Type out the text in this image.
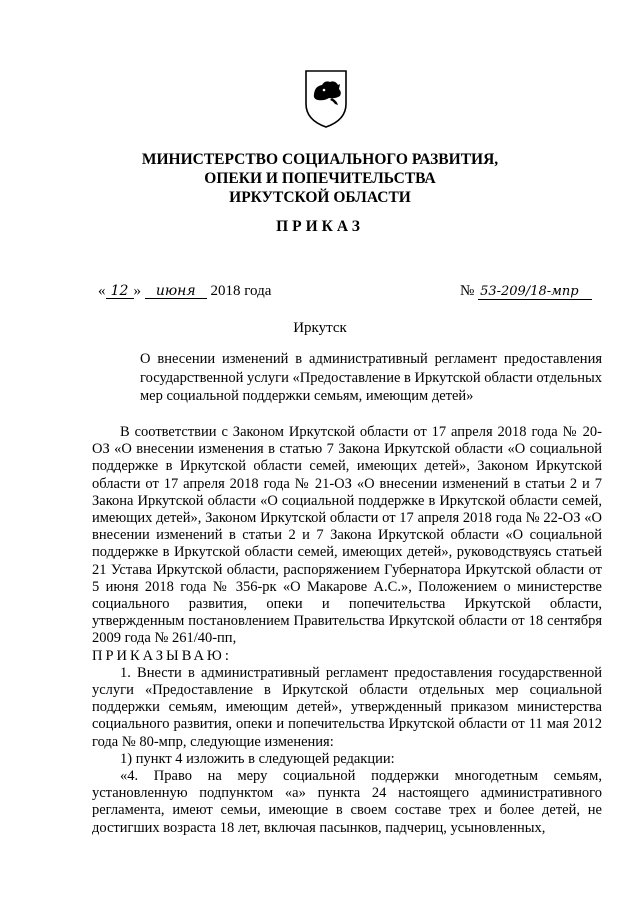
МИНИСТЕРСТВО СОЦИАЛЬНОГО РАЗВИТИЯ,
ОПЕКИ И ПОПЕЧИТЕЛЬСТВА
ИРКУТСКОЙ ОБЛАСТИ
ПРИКАЗ
« 12 » июня 2018 года	№ 53-209/18-мпр
Иркутск
О внесении изменений в административный регламент предоставления государственной услуги «Предоставление в Иркутской области отдельных мер социальной поддержки семьям, имеющим детей»

В соответствии с Законом Иркутской области от 17 апреля 2018 года № 20-ОЗ «О внесении изменения в статью 7 Закона Иркутской области «О социальной поддержке в Иркутской области семей, имеющих детей», Законом Иркутской области от 17 апреля 2018 года № 21-ОЗ «О внесении изменений в статьи 2 и 7 Закона Иркутской области «О социальной поддержке в Иркутской области семей, имеющих детей», Законом Иркутской области от 17 апреля 2018 года № 22-ОЗ «О внесении изменений в статьи 2 и 7 Закона Иркутской области «О социальной поддержке в Иркутской области семей, имеющих детей», руководствуясь статьей 21 Устава Иркутской области, распоряжением Губернатора Иркутской области от 5 июня 2018 года № 356-рк «О Макарове А.С.», Положением о министерстве социального развития, опеки и попечительства Иркутской области, утвержденным постановлением Правительства Иркутской области от 18 сентября 2009 года № 261/40-пп,

ПРИКАЗЫВАЮ:

1. Внести в административный регламент предоставления государственной услуги «Предоставление в Иркутской области отдельных мер социальной поддержки семьям, имеющим детей», утвержденный приказом министерства социального развития, опеки и попечительства Иркутской области от 11 мая 2012 года № 80-мпр, следующие изменения:

1) пункт 4 изложить в следующей редакции:

«4. Право на меру социальной поддержки многодетным семьям, установленную подпунктом «а» пункта 24 настоящего административного регламента, имеют семьи, имеющие в своем составе трех и более детей, не достигших возраста 18 лет, включая пасынков, падчериц, усыновленных,
